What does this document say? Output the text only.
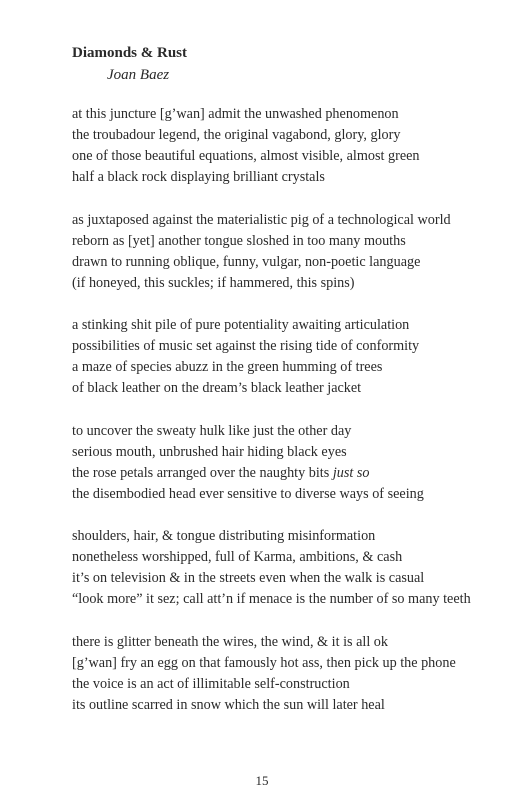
Diamonds & Rust
Joan Baez
at this juncture [g’wan] admit the unwashed phenomenon
the troubadour legend, the original vagabond, glory, glory
one of those beautiful equations, almost visible, almost green
half a black rock displaying brilliant crystals
as juxtaposed against the materialistic pig of a technological world
reborn as [yet] another tongue sloshed in too many mouths
drawn to running oblique, funny, vulgar, non-poetic language
(if honeyed, this suckles; if hammered, this spins)
a stinking shit pile of pure potentiality awaiting articulation
possibilities of music set against the rising tide of conformity
a maze of species abuzz in the green humming of trees
of black leather on the dream’s black leather jacket
to uncover the sweaty hulk like just the other day
serious mouth, unbrushed hair hiding black eyes
the rose petals arranged over the naughty bits just so
the disembodied head ever sensitive to diverse ways of seeing
shoulders, hair, & tongue distributing misinformation
nonetheless worshipped, full of Karma, ambitions, & cash
it’s on television & in the streets even when the walk is casual
“look more” it sez; call att’n if menace is the number of so many teeth
there is glitter beneath the wires, the wind, & it is all ok
[g’wan] fry an egg on that famously hot ass, then pick up the phone
the voice is an act of illimitable self-construction
its outline scarred in snow which the sun will later heal
15
